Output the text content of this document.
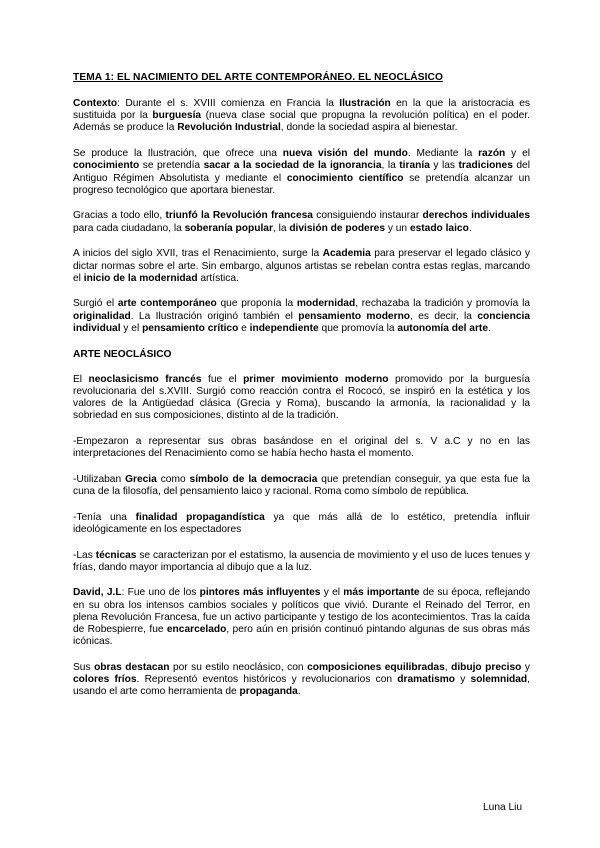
TEMA 1: EL NACIMIENTO DEL ARTE CONTEMPORÁNEO. EL NEOCLÁSICO

Contexto: Durante el s. XVIII comienza en Francia la Ilustración en la que la aristocracia es sustituida por la burguesía (nueva clase social que propugna la revolución política) en el poder. Además se produce la Revolución Industrial, donde la sociedad aspira al bienestar.

Se produce la Ilustración, que ofrece una nueva visión del mundo. Mediante la razón y el conocimiento se pretendía sacar a la sociedad de la ignorancia, la tiranía y las tradiciones del Antiguo Régimen Absolutista y mediante el conocimiento científico se pretendía alcanzar un progreso tecnológico que aportara bienestar.

Gracias a todo ello, triunfó la Revolución francesa consiguiendo instaurar derechos individuales para cada ciudadano, la soberanía popular, la división de poderes y un estado laico.

A inicios del siglo XVII, tras el Renacimiento, surge la Academia para preservar el legado clásico y dictar normas sobre el arte. Sin embargo, algunos artistas se rebelan contra estas reglas, marcando el inicio de la modernidad artística.

Surgió el arte contemporáneo que proponía la modernidad, rechazaba la tradición y promovía la originalidad. La Ilustración originó también el pensamiento moderno, es decir, la conciencia individual y el pensamiento crítico e independiente que promovía la autonomía del arte.

ARTE NEOCLÁSICO

El neoclasicismo francés fue el primer movimiento moderno promovido por la burguesía revolucionaria del s.XVIII. Surgió como reacción contra el Rococó, se inspiró en la estética y los valores de la Antigüedad clásica (Grecia y Roma), buscando la armonía, la racionalidad y la sobriedad en sus composiciones, distinto al de la tradición.

-Empezaron a representar sus obras basándose en el original del s. V a.C y no en las interpretaciones del Renacimiento como se había hecho hasta el momento.

-Utilizaban Grecia como símbolo de la democracia que pretendían conseguir, ya que esta fue la cuna de la filosofía, del pensamiento laico y racional. Roma como símbolo de república.

-Tenía una finalidad propagandística ya que más allá de lo estético, pretendía influir ideológicamente en los espectadores

-Las técnicas se caracterizan por el estatismo, la ausencia de movimiento y el uso de luces tenues y frías, dando mayor importancia al dibujo que a la luz.

David, J.L: Fue uno de los pintores más influyentes y el más importante de su época, reflejando en su obra los intensos cambios sociales y políticos que vivió. Durante el Reinado del Terror, en plena Revolución Francesa, fue un activo participante y testigo de los acontecimientos. Tras la caída de Robespierre, fue encarcelado, pero aún en prisión continuó pintando algunas de sus obras más icónicas.

Sus obras destacan por su estilo neoclásico, con composiciones equilibradas, dibujo preciso y colores fríos. Representó eventos históricos y revolucionarios con dramatismo y solemnidad, usando el arte como herramienta de propaganda.

Luna Liu
